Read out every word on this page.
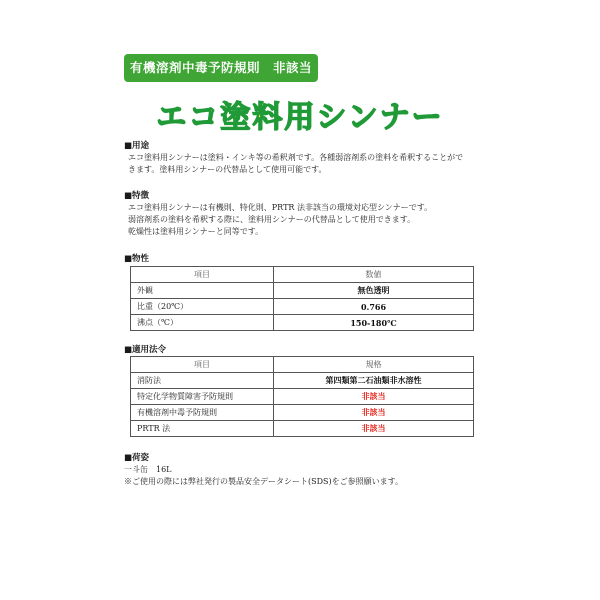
有機溶剤中毒予防規則　非該当品
エコ塗料用シンナー
■用途
エコ塗料用シンナーは塗料・インキ等の希釈剤です。各種弱溶剤系の塗料を希釈することがで
きます。塗料用シンナーの代替品として使用可能です。
■特徴
エコ塗料用シンナーは有機則、特化則、PRTR 法非該当の環境対応型シンナーです。
弱溶剤系の塗料を希釈する際に、塗料用シンナーの代替品として使用できます。
乾燥性は塗料用シンナーと同等です。
■物性
項目	数値
外観	無色透明
比重（20℃）	0.766
沸点（℃）	150-180℃
■適用法令
項目	規格
消防法	第四類第二石油類非水溶性
特定化学物質障害予防規則	非該当
有機溶剤中毒予防規則	非該当
PRTR 法	非該当
■荷姿
一斗缶　16L
※ご使用の際には弊社発行の製品安全データシート(SDS)をご参照願います。
